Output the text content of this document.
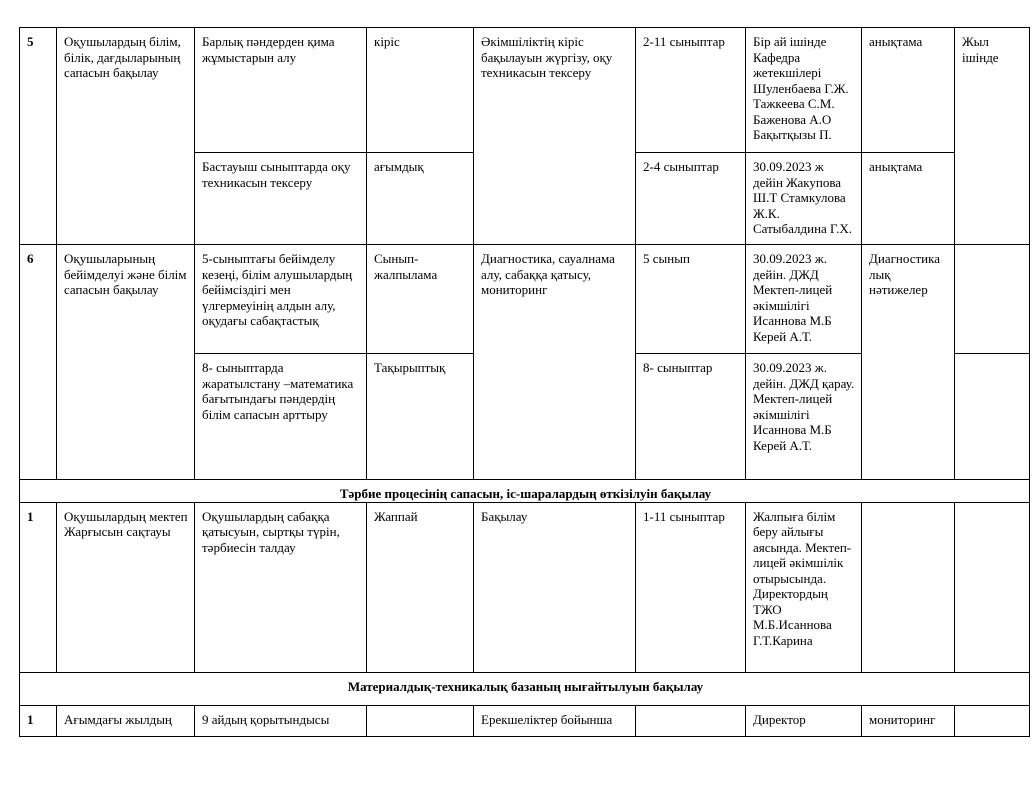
5	Оқушылардың білім, білік, дағдыларының сапасын бақылау	Барлық пәндерден қима жұмыстарын алу	кіріс	Әкімшіліктің кіріс бақылауын жүргізу, оқу техникасын тексеру	2-11 сыныптар	Бір ай ішінде Кафедра жетекшілері Шуленбаева Г.Ж. Тажкеева С.М. Баженова А.О Бақытқызы П.	анықтама	Жыл ішінде
		Бастауыш сыныптарда оқу техникасын тексеру	ағымдық		2-4 сыныптар	30.09.2023 ж дейін Жакупова Ш.Т Стамкулова Ж.К. Сатыбалдина Г.Х.	анықтама	
6	Оқушыларының бейімделуі және білім сапасын бақылау	5-сыныптағы бейімделу кезеңі, білім алушылардың бейімсіздігі мен үлгермеуінің алдын алу, оқудағы сабақтастық	Сынып-жалпылама	Диагностика, сауалнама алу, сабаққа қатысу, мониторинг	5 сынып	30.09.2023 ж. дейін. ДЖД Мектеп-лицей әкімшілігі Исаннова М.Б Керей А.Т.	Диагностика лық нәтижелер	
		8- сыныптарда жаратылстану –математика бағытындағы пәндердің білім сапасын арттыру	Тақырыптық		8- сыныптар	30.09.2023 ж. дейін. ДЖД қарау. Мектеп-лицей әкімшілігі Исаннова М.Б Керей А.Т.		
Тәрбие процесінің сапасын, іс-шаралардың өткізілуін бақылау								
1	Оқушылардың мектеп Жарғысын сақтауы	Оқушылардың сабаққа қатысуын, сыртқы түрін, тәрбиесін талдау	Жаппай	Бақылау	1-11 сыныптар	Жалпыға білім беру айлығы аясында. Мектеп-лицей әкімшілік отырысында. Директордың ТЖО М.Б.Исаннова Г.Т.Карина		
Материалдық-техникалық базаның нығайтылуын бақылау								
1	Ағымдағы жылдың	9 айдың қорытындысы		Ерекшеліктер бойынша		Директор	мониторинг	
